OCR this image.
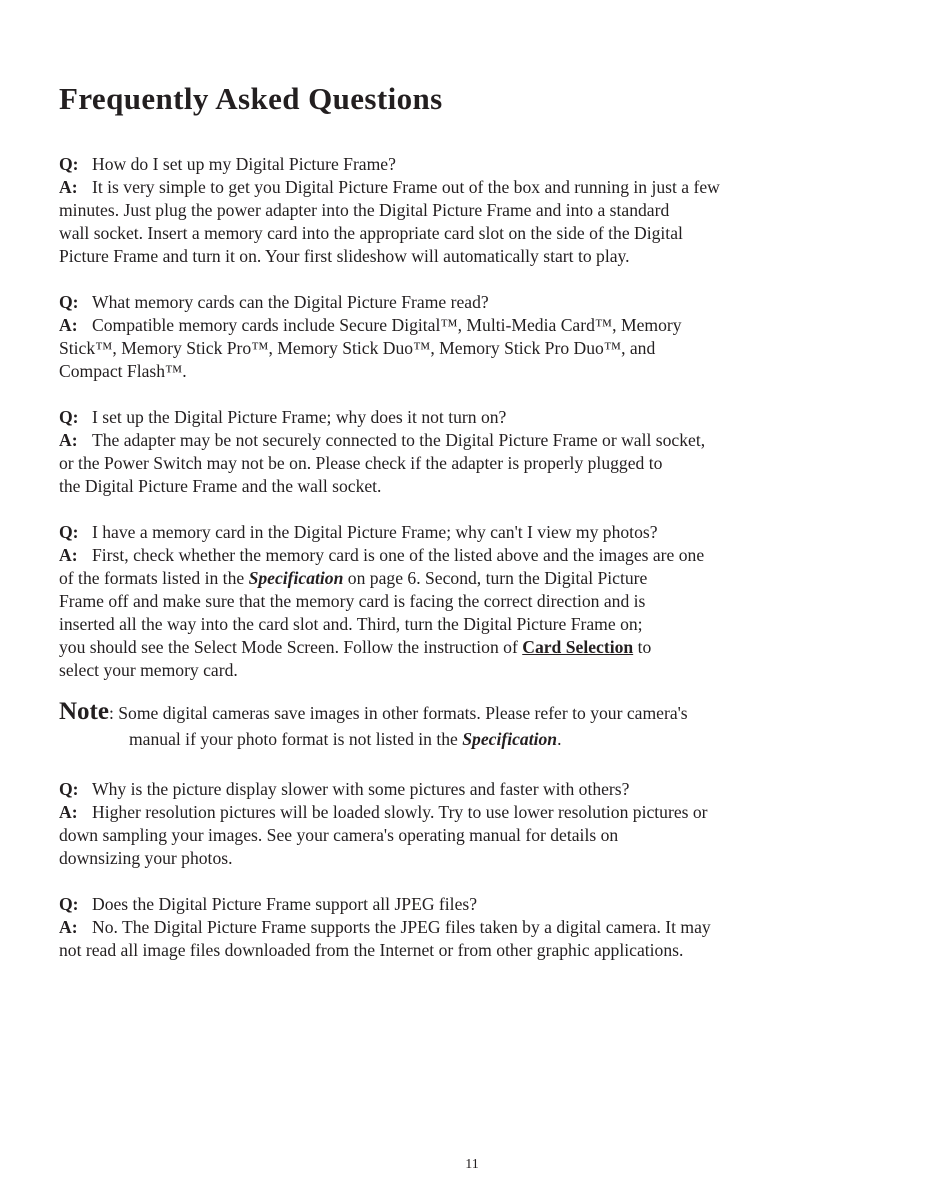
Frequently Asked Questions

Q: How do I set up my Digital Picture Frame?

A: It is very simple to get you Digital Picture Frame out of the box and running in just a few

minutes. Just plug the power adapter into the Digital Picture Frame and into a standard

wall socket. Insert a memory card into the appropriate card slot on the side of the Digital

Picture Frame and turn it on. Your first slideshow will automatically start to play.

Q: What memory cards can the Digital Picture Frame read?

A: Compatible memory cards include Secure Digital™, Multi-Media Card™, Memory

Stick™, Memory Stick Pro™, Memory Stick Duo™, Memory Stick Pro Duo™, and

Compact Flash™.

Q: I set up the Digital Picture Frame; why does it not turn on?

A: The adapter may be not securely connected to the Digital Picture Frame or wall socket,

or the Power Switch may not be on. Please check if the adapter is properly plugged to

the Digital Picture Frame and the wall socket.

Q: I have a memory card in the Digital Picture Frame; why can't I view my photos?

A: First, check whether the memory card is one of the listed above and the images are one

of the formats listed in the Specification on page 6. Second, turn the Digital Picture

Frame off and make sure that the memory card is facing the correct direction and is

inserted all the way into the card slot and. Third, turn the Digital Picture Frame on;

you should see the Select Mode Screen. Follow the instruction of Card Selection to

select your memory card.

Note: Some digital cameras save images in other formats. Please refer to your camera's
manual if your photo format is not listed in the Specification.

Q: Why is the picture display slower with some pictures and faster with others?

A: Higher resolution pictures will be loaded slowly. Try to use lower resolution pictures or

down sampling your images. See your camera's operating manual for details on

downsizing your photos.

Q: Does the Digital Picture Frame support all JPEG files?

A: No. The Digital Picture Frame supports the JPEG files taken by a digital camera. It may

not read all image files downloaded from the Internet or from other graphic applications.

11
